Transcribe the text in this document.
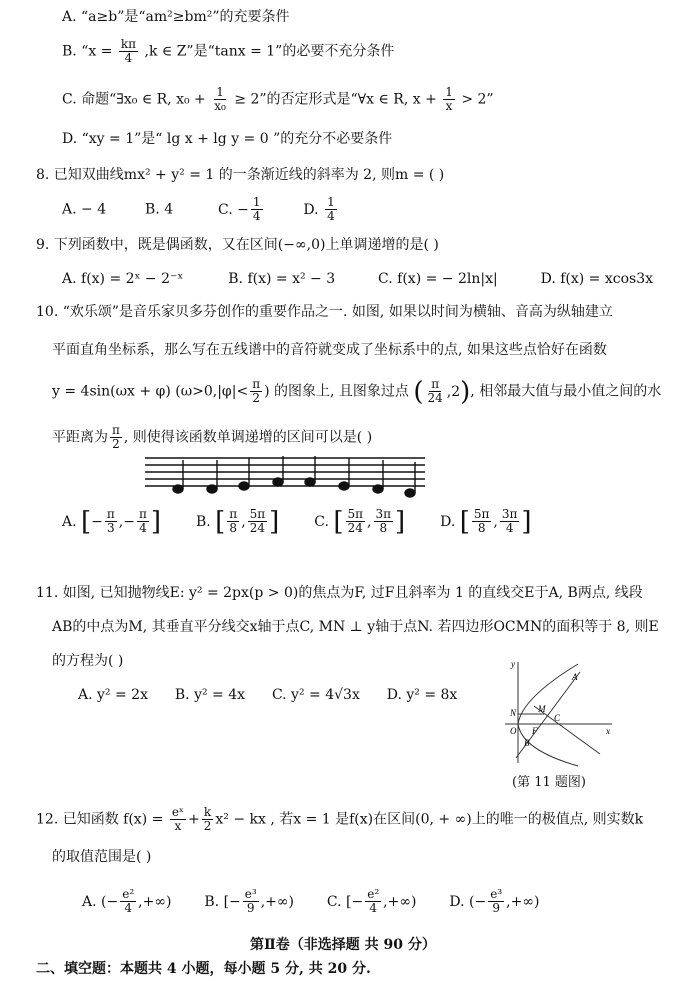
A. “a≥b”是“am²≥bm²”的充要条件
B. “$x = \frac{k\pi}{4} ,k$ ∈ Z”是“tanx = 1”的必要不充分条件
C. 命题“∃x₀ ∈ R, $x_0 + \frac{1}{\text{x₀}} \ge 2$”的否定形式是“∀x ∈ R, $x + \frac{1}{x} > 2$”
D. “xy = 1”是“ lg x + lg y = 0 ”的充分不必要条件
8. 已知双曲线mx² + y² = 1 的一条渐近线的斜率为 2, 则m = ( )
A. − 4	B. 4	C. − $\frac{1}{4}$	D. $\frac{1}{4}$
9. 下列函数中，既是偶函数，又在区间(−∞,0)上单调递增的是( )
A. f(x) = 2ˣ − 2⁻ˣ	B. f(x) = x² − 3	C. f(x) = − 2ln|x|	D. f(x) = xcos3x
10. “欢乐颂”是音乐家贝多芬创作的重要作品之一. 如图, 如果以时间为横轴、音高为纵轴建立
平面直角坐标系，那么写在五线谱中的音符就变成了坐标系中的点, 如果这些点恰好在函数
y = 4sin(ωx + φ) ($\omega>0,|\varphi|< \frac{\pi}{2}$ ) 的图象上, 且图象过点 ( $\frac{\pi}{24} ,2$ ) , 相邻最大值与最小值之间的水
平距离为 $\frac{\pi}{2}$ , 则使得该函数单调递增的区间可以是( )
A. [ − $\frac{\pi}{3}$ , − $\frac{\pi}{4}$ ] B. [ $\frac{\pi}{8}$ , $\frac{5\pi}{24}$ ] C. [ $\frac{5\pi}{24}$ , $\frac{3\pi}{8}$ ] D. [ $\frac{5\pi}{8}$ , $\frac{3\pi}{4}$ ]
11. 如图, 已知抛物线E: y² = 2px(p > 0)的焦点为F, 过F且斜率为 1 的直线交E于A, B两点, 线段
AB的中点为M, 其垂直平分线交x轴于点C, MN ⊥ y轴于点N. 若四边形OCMN的面积等于 8, 则E
的方程为( )
A. y² = 2x B. y² = 4x C. y² = 4√3x D. y² = 8x
y
x
A
B
M
N	C
O F
(第 11 题图)
12. 已知函数 $f(x) = \frac{\text{eˣ}}{x} + \frac{k}{2} x^2$ − kx , 若x = 1 是f(x)在区间(0, + ∞)上的唯一的极值点, 则实数k
的取值范围是( )
A. (− $\frac{\text{e²}}{4}$ ,+∞) B. [− $\frac{\text{e³}}{9}$ ,+∞) C. [− $\frac{\text{e²}}{4}$ ,+∞) D. (− $\frac{\text{e³}}{9}$ ,+∞)
第Ⅱ卷（非选择题 共 90 分）
二、填空题：本题共 4 小题，每小题 5 分, 共 20 分.
